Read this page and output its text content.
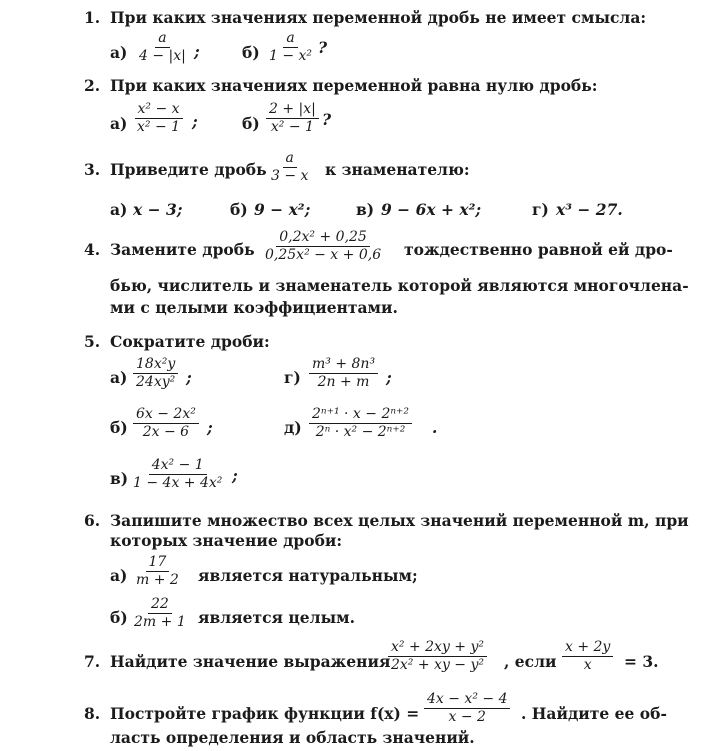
1. При каких значениях переменной дробь не имеет смысла:
$а) \frac{a}{4 - |x|}$ ;	$б) \frac{a}{\text{1 − x²}}$ ?
2. При каких значениях переменной равна нулю дробь:
$а) \frac{\text{x² − x}}{\text{x² − 1}}$ ;	$б) \frac{2 + |x|}{\text{x² − 1}}$ ?
3. Приведите дробь $\frac{a}{3 - x}$ к знаменателю:
а) x − 3;	б) 9 − x²;	в) 9 − 6x + x²;	г) x³ − 27.
4. Замените дробь $\frac{\text{0,2x² + 0,25}}{\text{0,25x² − x + 0,6}}$ тождественно равной ей дро-
бью, числитель и знаменатель которой являются многочлена-
ми с целыми коэффициентами.
5. Сократите дроби:
$а) \frac{\text{18x²y}}{\text{24xy²}}$ ;	$г) \frac{\text{m³ + 8n³}}{2n + m}$ ;
$б) \frac{\text{6x − 2x²}}{2x - 6}$ ;	$д) \frac{\text{2ⁿ⁺¹ · x − 2ⁿ⁺²}}{\text{2ⁿ · x² − 2ⁿ⁺²}}$ .
$в) \frac{\text{4x² − 1}}{\text{1 − 4x + 4x²}}$ ;
6. Запишите множество всех целых значений переменной m, при
которых значение дроби:
$а) \frac{17}{m + 2}$ является натуральным;
$б) \frac{22}{2m + 1}$ является целым.
7. Найдите значение выражения
$\frac{\text{x² + 2xy + y²}}{\text{2x² + xy − y²}}$ , если $\frac{x + 2y}{x} = 3$.
8. Постройте график функции $f(x) = \frac{\text{4x − x² − 4}}{x - 2}$ . Найдите ее об-
ласть определения и область значений.
